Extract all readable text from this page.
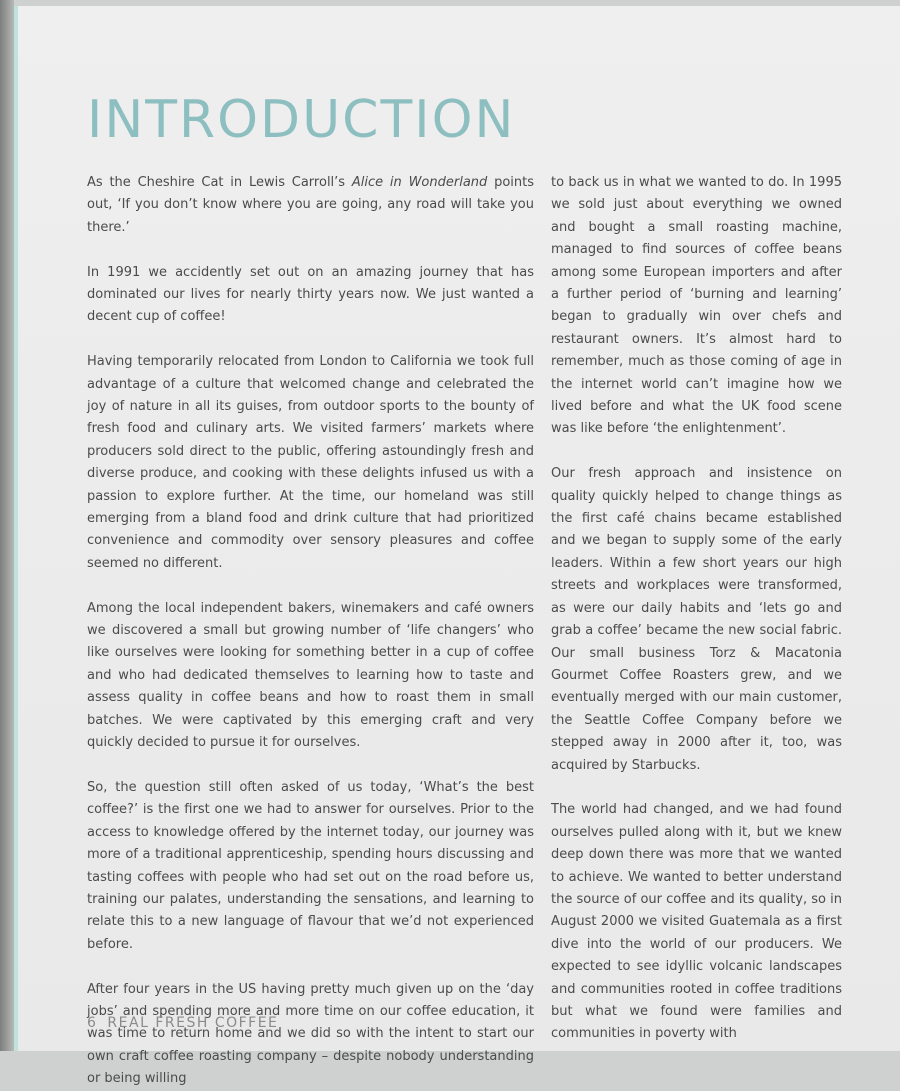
INTRODUCTION

As the Cheshire Cat in Lewis Carroll’s Alice in Wonderland points out, ‘If you don’t know where you are going, any road will take you there.’

In 1991 we accidently set out on an amazing journey that has dominated our lives for nearly thirty years now. We just wanted a decent cup of coffee!

Having temporarily relocated from London to California we took full advantage of a culture that welcomed change and celebrated the joy of nature in all its guises, from outdoor sports to the bounty of fresh food and culinary arts. We visited farmers’ markets where producers sold direct to the public, offering astoundingly fresh and diverse produce, and cooking with these delights infused us with a passion to explore further. At the time, our homeland was still emerging from a bland food and drink culture that had prioritized convenience and commodity over sensory pleasures and coffee seemed no different.

Among the local independent bakers, winemakers and café owners we discovered a small but growing number of ‘life changers’ who like ourselves were looking for something better in a cup of coffee and who had dedicated themselves to learning how to taste and assess quality in coffee beans and how to roast them in small batches. We were captivated by this emerging craft and very quickly decided to pursue it for ourselves.

So, the question still often asked of us today, ‘What’s the best coffee?’ is the first one we had to answer for ourselves. Prior to the access to knowledge offered by the internet today, our journey was more of a traditional apprenticeship, spending hours discussing and tasting coffees with people who had set out on the road before us, training our palates, understanding the sensations, and learning to relate this to a new language of flavour that we’d not experienced before.

After four years in the US having pretty much given up on the ‘day jobs’ and spending more and more time on our coffee education, it was time to return home and we did so with the intent to start our own craft coffee roasting company – despite nobody understanding or being willing

to back us in what we wanted to do. In 1995 we sold just about everything we owned and bought a small roasting machine, managed to find sources of coffee beans among some European importers and after a further period of ‘burning and learning’ began to gradually win over chefs and restaurant owners. It’s almost hard to remember, much as those coming of age in the internet world can’t imagine how we lived before and what the UK food scene was like before ‘the enlightenment’.

Our fresh approach and insistence on quality quickly helped to change things as the first café chains became established and we began to supply some of the early leaders. Within a few short years our high streets and workplaces were transformed, as were our daily habits and ‘lets go and grab a coffee’ became the new social fabric. Our small business Torz & Macatonia Gourmet Coffee Roasters grew, and we eventually merged with our main customer, the Seattle Coffee Company before we stepped away in 2000 after it, too, was acquired by Starbucks.

The world had changed, and we had found ourselves pulled along with it, but we knew deep down there was more that we wanted to achieve. We wanted to better understand the source of our coffee and its quality, so in August 2000 we visited Guatemala as a first dive into the world of our producers. We expected to see idyllic volcanic landscapes and communities rooted in coffee traditions but what we found were families and communities in poverty with

6 REAL FRESH COFFEE
